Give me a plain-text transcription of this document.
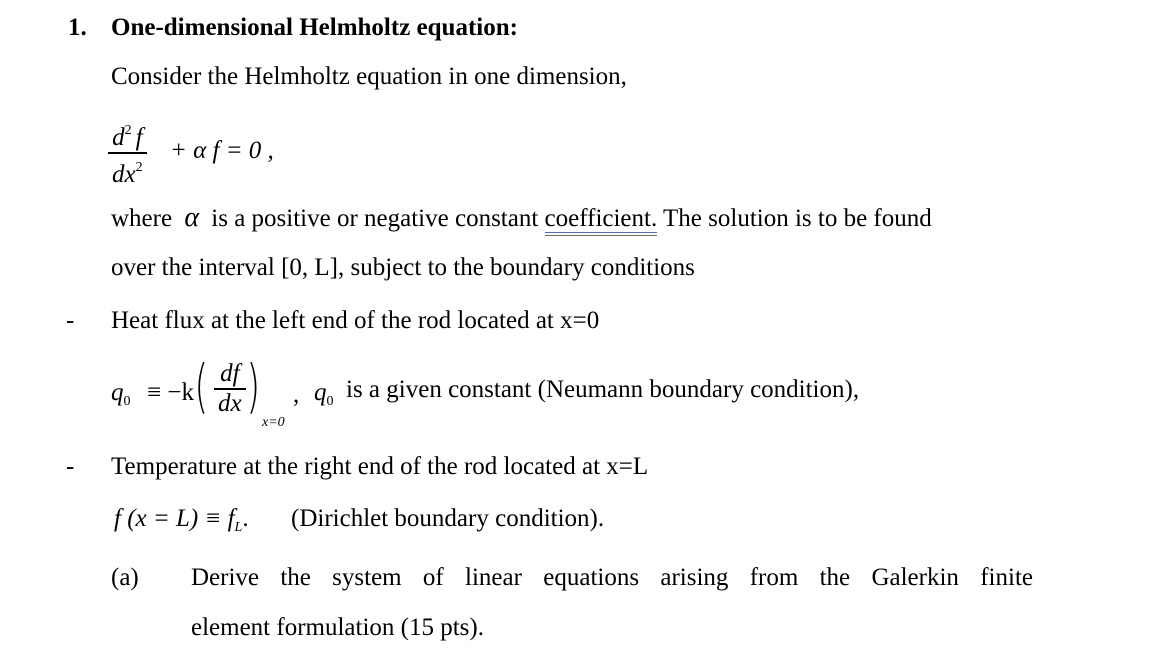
1. One-dimensional Helmholtz equation:
Consider the Helmholtz equation in one dimension,
$d^2$ f
$dx^2$
+ α f = 0 ,
where α is a positive or negative constant coefficient. The solution is to be found
over the interval [0, L], subject to the boundary conditions
- Heat flux at the left end of the rod located at x=0
$q_0 \equiv -k$ ( df
dx )
x=0
, $q_0$ is a given constant (Neumann boundary condition),
- Temperature at the right end of the rod located at x=L
f $(x = L) \equiv f_L$. (Dirichlet boundary condition).
(a) Derive the system of linear equations arising from the Galerkin finite
element formulation (15 pts).
